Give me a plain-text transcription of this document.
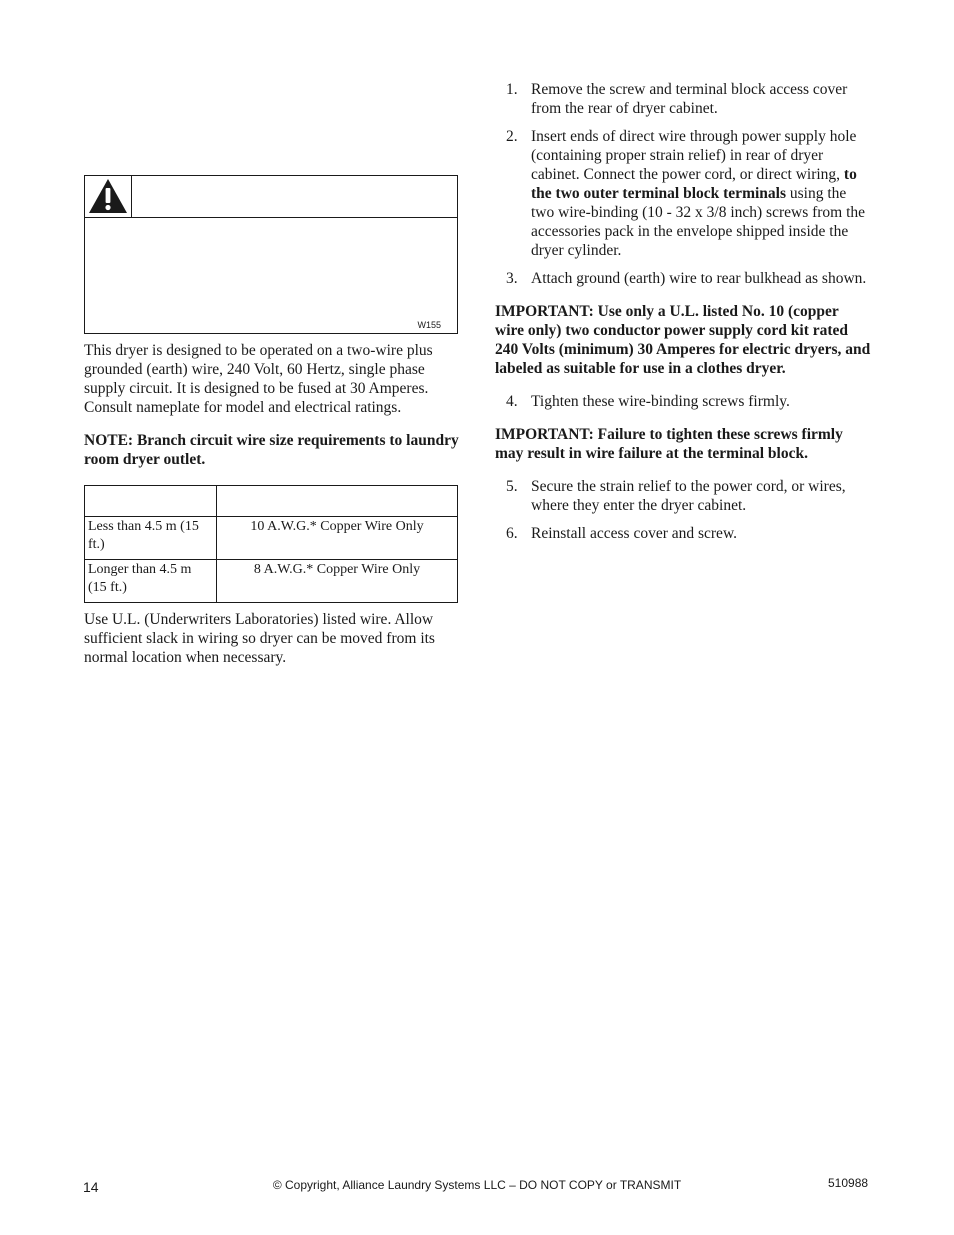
W155

This dryer is designed to be operated on a two-wire plus grounded (earth) wire, 240 Volt, 60 Hertz, single phase supply circuit. It is designed to be fused at 30 Amperes. Consult nameplate for model and electrical ratings.

NOTE: Branch circuit wire size requirements to laundry room dryer outlet.

Less than 4.5 m (15 ft.)	10 A.W.G.* Copper Wire Only
Longer than 4.5 m (15 ft.)	8 A.W.G.* Copper Wire Only

Use U.L. (Underwriters Laboratories) listed wire. Allow sufficient slack in wiring so dryer can be moved from its normal location when necessary.

1. Remove the screw and terminal block access cover from the rear of dryer cabinet.
2. Insert ends of direct wire through power supply hole (containing proper strain relief) in rear of dryer cabinet. Connect the power cord, or direct wiring, to the two outer terminal block terminals using the two wire-binding (10 - 32 x 3/8 inch) screws from the accessories pack in the envelope shipped inside the dryer cylinder.
3. Attach ground (earth) wire to rear bulkhead as shown.

IMPORTANT: Use only a U.L. listed No. 10 (copper wire only) two conductor power supply cord kit rated 240 Volts (minimum) 30 Amperes for electric dryers, and labeled as suitable for use in a clothes dryer.

4. Tighten these wire-binding screws firmly.

IMPORTANT: Failure to tighten these screws firmly may result in wire failure at the terminal block.

5. Secure the strain relief to the power cord, or wires, where they enter the dryer cabinet.
6. Reinstall access cover and screw.
14	© Copyright, Alliance Laundry Systems LLC – DO NOT COPY or TRANSMIT	510988
